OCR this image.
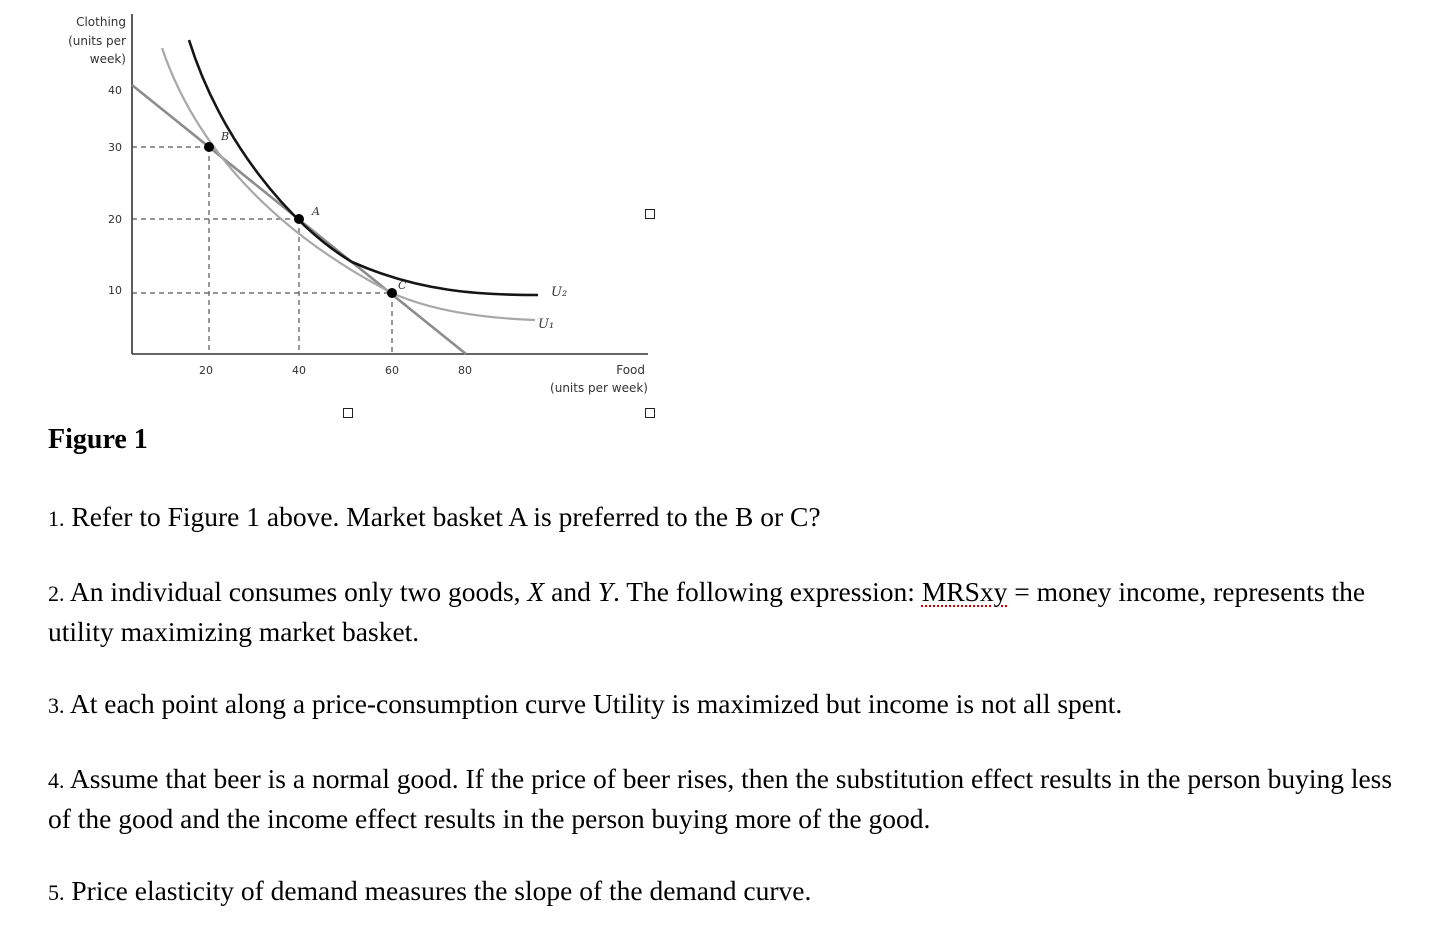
Clothing
(units per
week)
40
30
20
10
20	40	60	80	Food
(units per week)
U₂
U₁
B
A
C
Figure 1
1. Refer to Figure 1 above. Market basket A is preferred to the B or C?
2. An individual consumes only two goods, X and Y. The following expression: MRSxy = money income, represents the utility maximizing market basket.
3. At each point along a price-consumption curve Utility is maximized but income is not all spent.
4. Assume that beer is a normal good. If the price of beer rises, then the substitution effect results in the person buying less of the good and the income effect results in the person buying more of the good.
5. Price elasticity of demand measures the slope of the demand curve.
